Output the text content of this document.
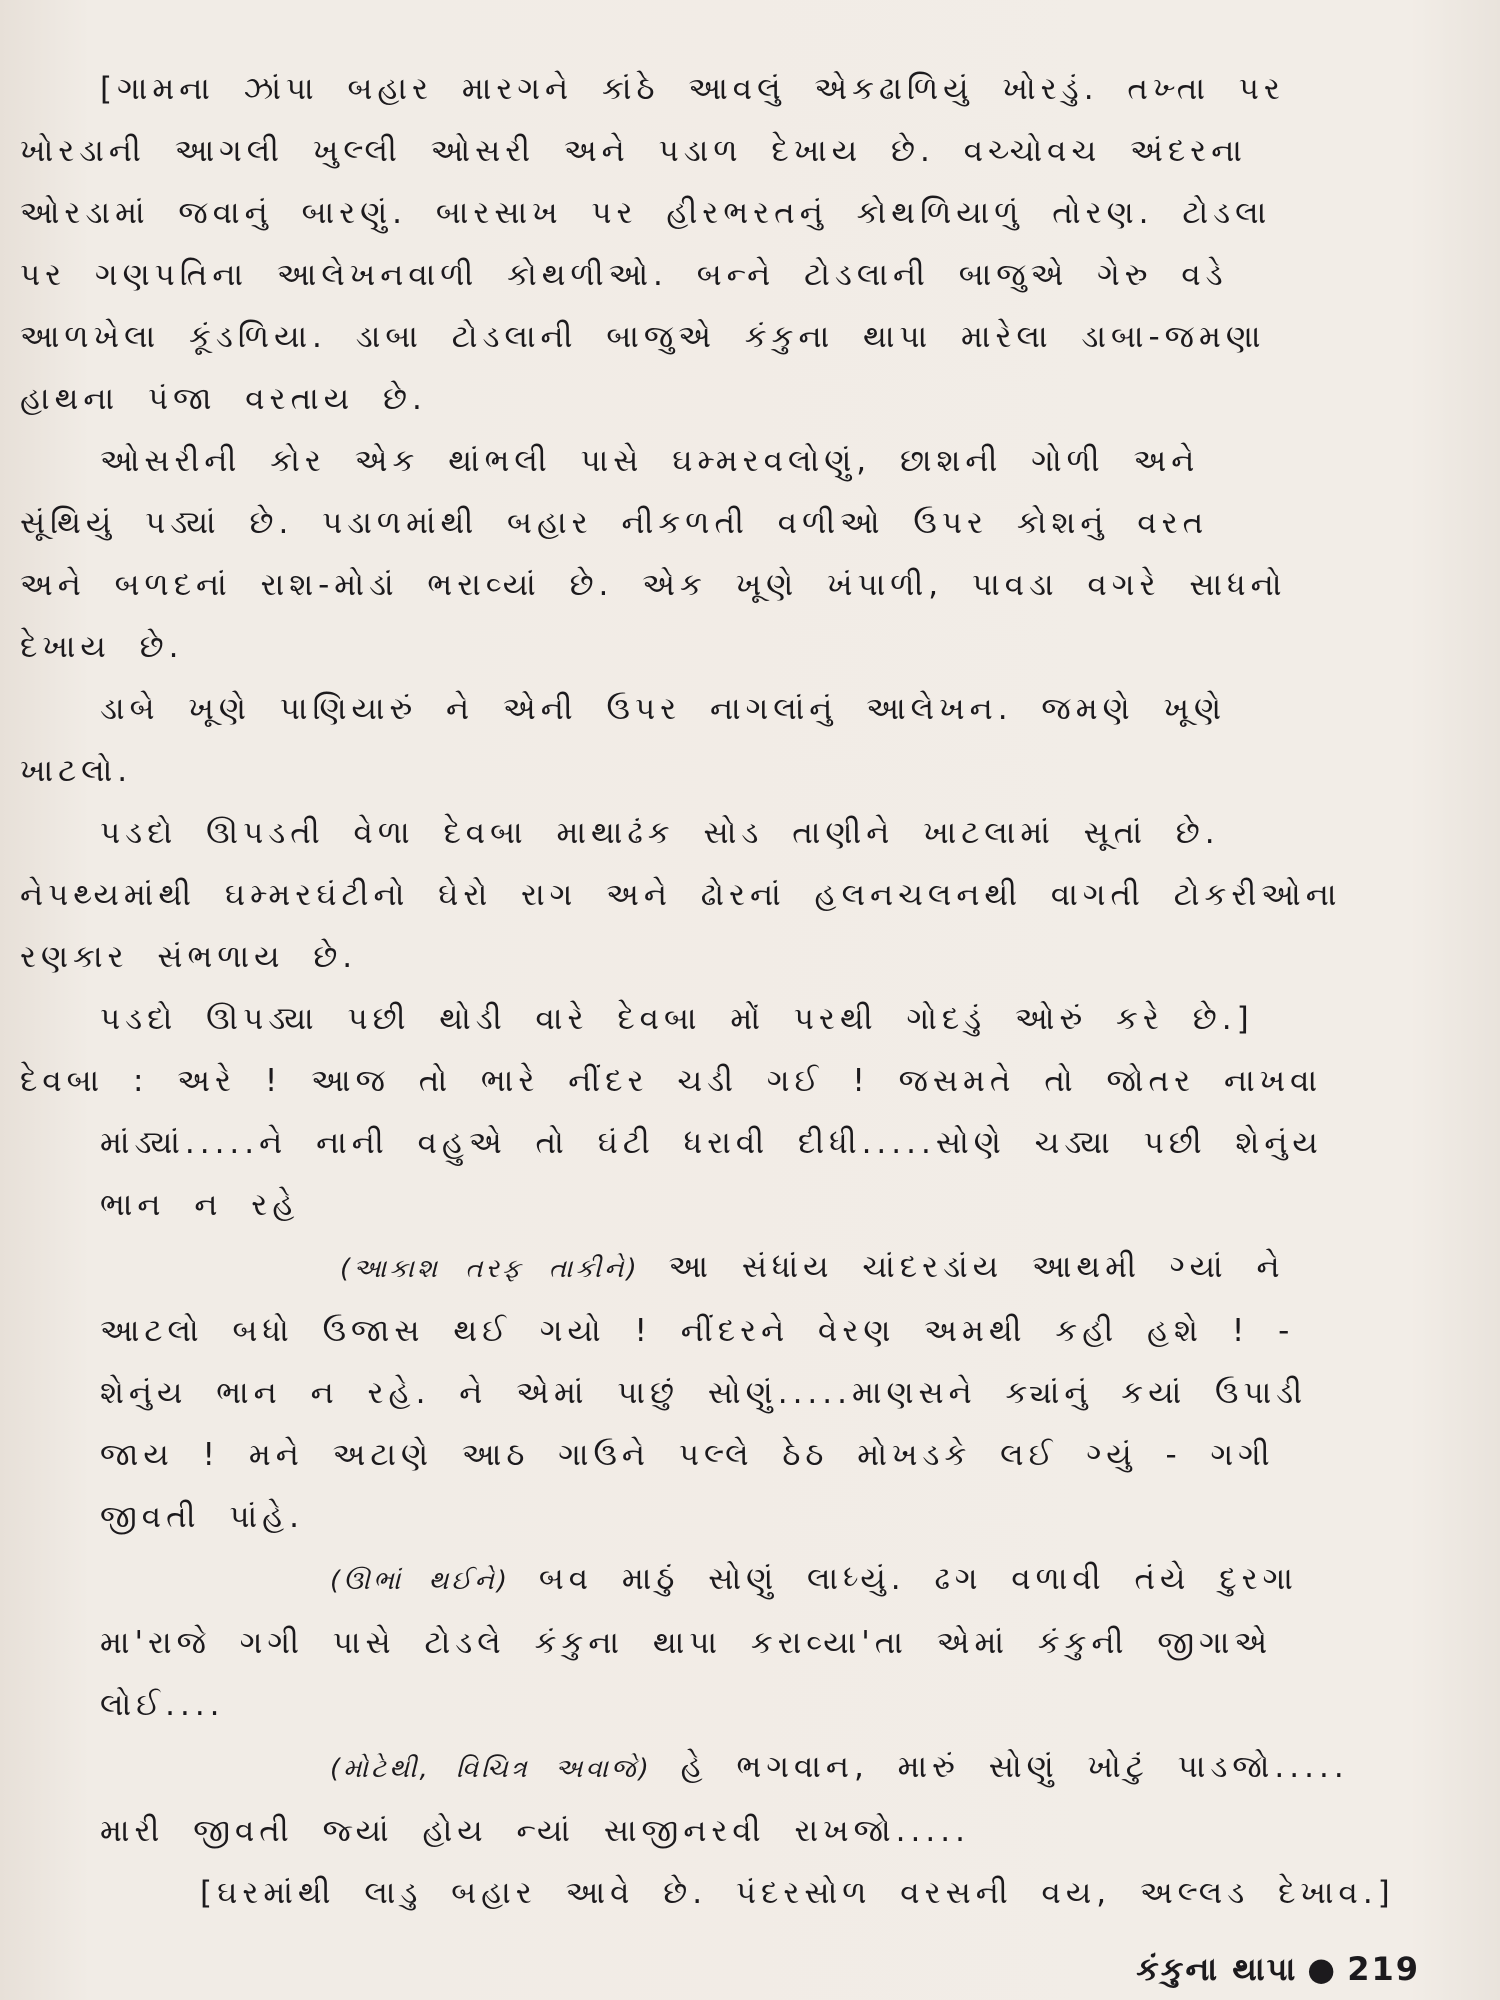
[ગામના ઝાંપા બહાર મારગને કાંઠે આવલું એકઢાળિયું ખોરડું. તખ્તા પર

ખોરડાની આગલી ખુલ્લી ઓસરી અને પડાળ દેખાય છે. વચ્ચોવચ અંદરના

ઓરડામાં જવાનું બારણું. બારસાખ પર હીરભરતનું કોથળિયાળું તોરણ. ટોડલા

પર ગણપતિના આલેખનવાળી કોથળીઓ. બન્ને ટોડલાની બાજુએ ગેરુ વડે

આળખેલા કૂંડળિયા. ડાબા ટોડલાની બાજુએ કંકુના થાપા મારેલા ડાબા-જમણા

હાથના પંજા વરતાય છે.

ઓસરીની કોર એક થાંભલી પાસે ઘમ્મરવલોણું, છાશની ગોળી અને

સૂંથિયું પડ્યાં છે. પડાળમાંથી બહાર નીકળતી વળીઓ ઉપર કોશનું વરત

અને બળદનાં રાશ-મોડાં ભરાવ્યાં છે. એક ખૂણે ખંપાળી, પાવડા વગરે સાધનો

દેખાય છે.

ડાબે ખૂણે પાણિયારું ને એની ઉપર નાગલાંનું આલેખન. જમણે ખૂણે

ખાટલો.

પડદો ઊપડતી વેળા દેવબા માથાઢંક સોડ તાણીને ખાટલામાં સૂતાં છે.

નેપથ્યમાંથી ઘમ્મરઘંટીનો ઘેરો રાગ અને ઢોરનાં હલનચલનથી વાગતી ટોકરીઓના

રણકાર સંભળાય છે.

પડદો ઊપડ્યા પછી થોડી વારે દેવબા મોં પરથી ગોદડું ઓરું કરે છે.]

દેવબા : અરે ! આજ તો ભારે નીંદર ચડી ગઈ ! જસમતે તો જોતર નાખવા

માંડ્યાં.....ને નાની વહુએ તો ઘંટી ધરાવી દીધી.....સોણે ચડ્યા પછી શેનુંય

ભાન ન રહે

(આકાશ તરફ તાકીને) આ સંધાંય ચાંદરડાંય આથમી ગ્યાં ને

આટલો બધો ઉજાસ થઈ ગયો ! નીંદરને વેરણ અમથી કહી હશે ! -

શેનુંય ભાન ન રહે. ને એમાં પાછું સોણું.....માણસને ક્યાંનું કયાં ઉપાડી

જાય ! મને અટાણે આઠ ગાઉને પલ્લે ઠેઠ મોખડકે લઈ ગ્યું - ગગી

જીવતી પાંહે.

(ઊભાં થઈને) બવ માઠું સોણું લાધ્યું. ઢગ વળાવી તંયે દુરગા

મા'રાજે ગગી પાસે ટોડલે કંકુના થાપા કરાવ્યા'તા એમાં કંકુની જીગાએ

લોઈ....

(મોટેથી, વિચિત્ર અવાજે) હે ભગવાન, મારું સોણું ખોટું પાડજો.....

મારી જીવતી જ્યાં હોય ન્યાં સાજીનરવી રાખજો.....

[ઘરમાંથી લાડુ બહાર આવે છે. પંદરસોળ વરસની વય, અલ્લડ દેખાવ.]

કંકુના થાપા ● 219
